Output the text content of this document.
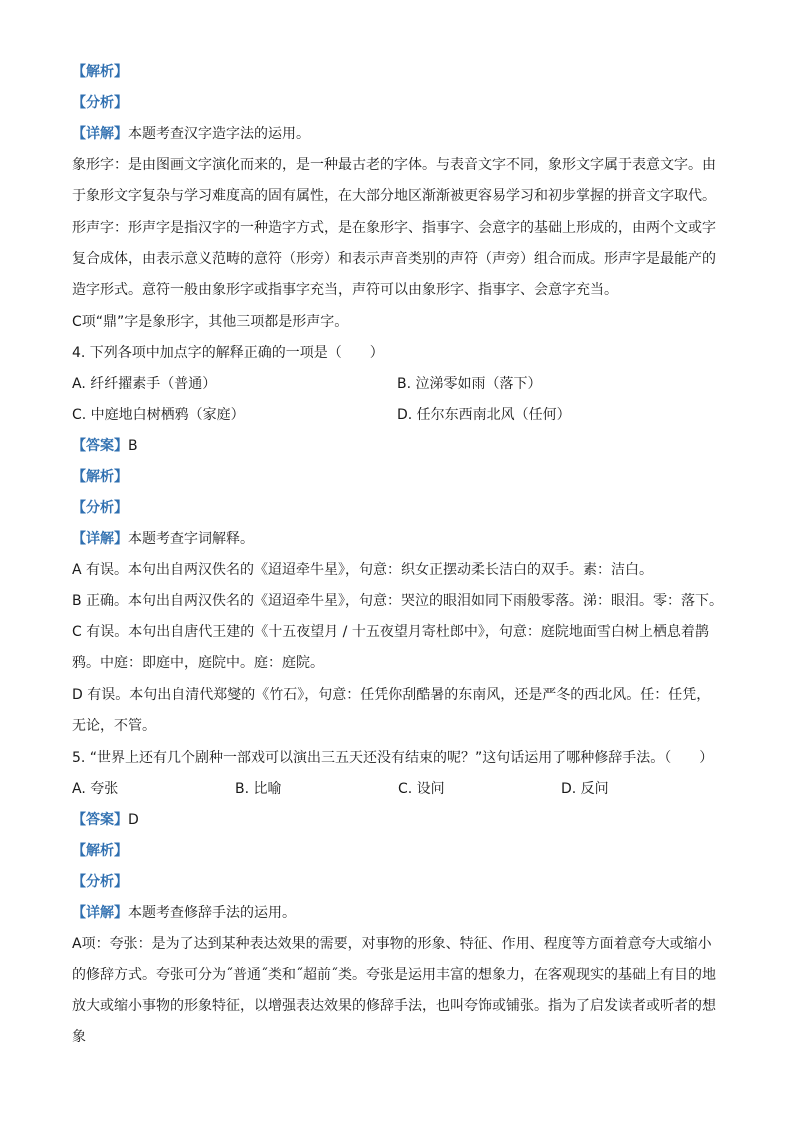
【解析】
【分析】
【详解】本题考查汉字造字法的运用。
象形字：是由图画文字演化而来的，是一种最古老的字体。与表音文字不同，象形文字属于表意文字。由于象形文字复杂与学习难度高的固有属性，在大部分地区渐渐被更容易学习和初步掌握的拼音文字取代。
形声字：形声字是指汉字的一种造字方式，是在象形字、指事字、会意字的基础上形成的，由两个文或字复合成体，由表示意义范畴的意符（形旁）和表示声音类别的声符（声旁）组合而成。形声字是最能产的造字形式。意符一般由象形字或指事字充当，声符可以由象形字、指事字、会意字充当。
C项“鼎”字是象形字，其他三项都是形声字。
4. 下列各项中加点字的解释正确的一项是（　　）
A. 纤纤擢素手（普通）	B. 泣涕零如雨（落下）
C. 中庭地白树栖鸦（家庭）	D. 任尔东西南北风（任何）
【答案】B
【解析】
【分析】
【详解】本题考查字词解释。
A 有误。本句出自两汉佚名的《迢迢牵牛星》，句意：织女正摆动柔长洁白的双手。素：洁白。
B 正确。本句出自两汉佚名的《迢迢牵牛星》，句意：哭泣的眼泪如同下雨般零落。涕：眼泪。零：落下。
C 有误。本句出自唐代王建的《十五夜望月 / 十五夜望月寄杜郎中》，句意：庭院地面雪白树上栖息着鹊鸦。中庭：即庭中，庭院中。庭：庭院。
D 有误。本句出自清代郑燮的《竹石》，句意：任凭你刮酷暑的东南风，还是严冬的西北风。任：任凭，无论，不管。
5. “世界上还有几个剧种一部戏可以演出三五天还没有结束的呢？”这句话运用了哪种修辞手法。（　　）
A. 夸张	B. 比喻	C. 设问	D. 反问
【答案】D
【解析】
【分析】
【详解】本题考查修辞手法的运用。
A项：夸张：是为了达到某种表达效果的需要，对事物的形象、特征、作用、程度等方面着意夸大或缩小的修辞方式。夸张可分为˝普通˝类和˝超前˝类。夸张是运用丰富的想象力，在客观现实的基础上有目的地放大或缩小事物的形象特征，以增强表达效果的修辞手法，也叫夸饰或铺张。指为了启发读者或听者的想象
